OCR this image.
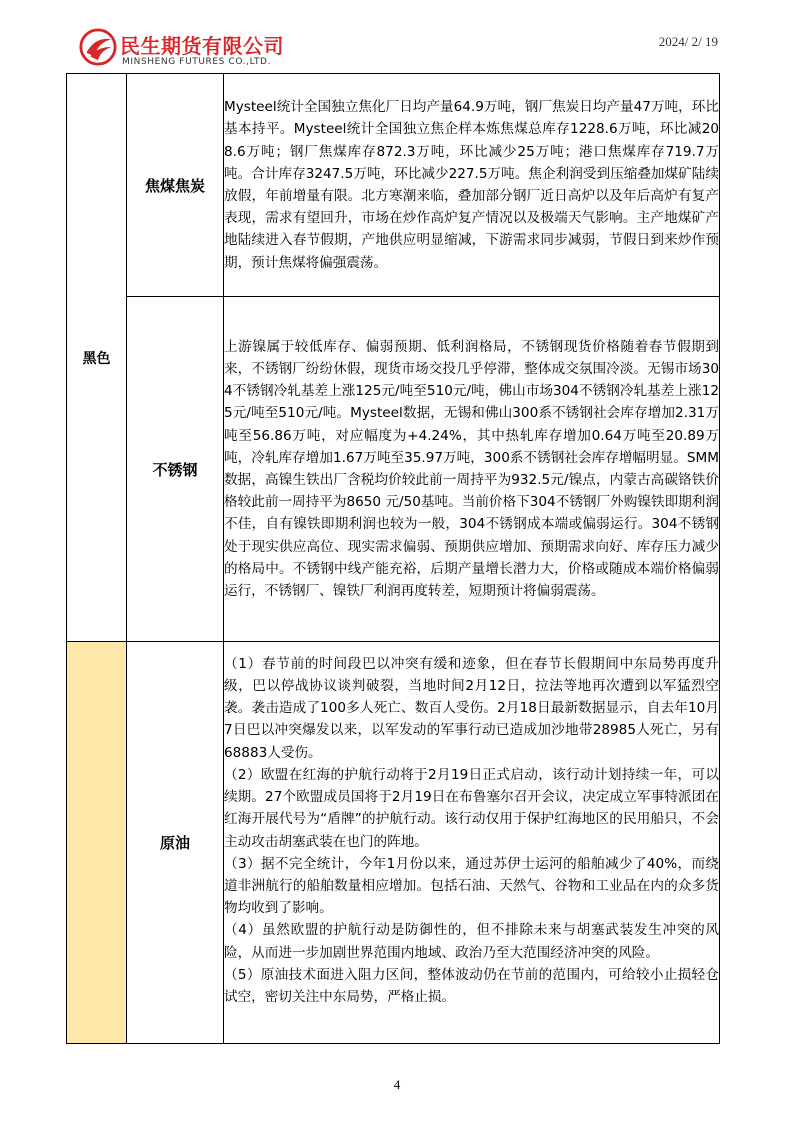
民生期货有限公司
MINSHENG FUTURES CO.,LTD.
2024/ 2/ 19
黑色	焦煤焦炭	Mysteel统计全国独立焦化厂日均产量64.9万吨，钢厂焦炭日均产量47万吨，环比基本持平。Mysteel统计全国独立焦企样本炼焦煤总库存1228.6万吨，环比减208.6万吨；钢厂焦煤库存872.3万吨，环比减少25万吨；港口焦煤库存719.7万吨。合计库存3247.5万吨，环比减少227.5万吨。焦企利润受到压缩叠加煤矿陆续放假，年前增量有限。北方寒潮来临，叠加部分钢厂近日高炉以及年后高炉有复产表现，需求有望回升，市场在炒作高炉复产情况以及极端天气影响。主产地煤矿产地陆续进入春节假期，产地供应明显缩减，下游需求同步减弱，节假日到来炒作预期，预计焦煤将偏强震荡。

	不锈钢	上游镍属于较低库存、偏弱预期、低利润格局，不锈钢现货价格随着春节假期到来，不锈钢厂纷纷休假，现货市场交投几乎停滞，整体成交氛围冷淡。无锡市场304不锈钢冷轧基差上涨125元/吨至510元/吨，佛山市场304不锈钢冷轧基差上涨125元/吨至510元/吨。Mysteel数据，无锡和佛山300系不锈钢社会库存增加2.31万吨至56.86万吨，对应幅度为+4.24%，其中热轧库存增加0.64万吨至20.89万吨，冷轧库存增加1.67万吨至35.97万吨，300系不锈钢社会库存增幅明显。SMM数据，高镍生铁出厂含税均价较此前一周持平为932.5元/镍点，内蒙古高碳铬铁价格较此前一周持平为8650 元/50基吨。当前价格下304不锈钢厂外购镍铁即期利润不佳，自有镍铁即期利润也较为一般，304不锈钢成本端或偏弱运行。304不锈钢处于现实供应高位、现实需求偏弱、预期供应增加、预期需求向好、库存压力减少的格局中。不锈钢中线产能充裕，后期产量增长潜力大，价格或随成本端价格偏弱运行，不锈钢厂、镍铁厂利润再度转差，短期预计将偏弱震荡。

	原油	（1）春节前的时间段巴以冲突有缓和迹象，但在春节长假期间中东局势再度升级，巴以停战协议谈判破裂，当地时间2月12日，拉法等地再次遭到以军猛烈空袭。袭击造成了100多人死亡、数百人受伤。2月18日最新数据显示，自去年10月7日巴以冲突爆发以来，以军发动的军事行动已造成加沙地带28985人死亡，另有68883人受伤。

（2）欧盟在红海的护航行动将于2月19日正式启动，该行动计划持续一年，可以续期。27个欧盟成员国将于2月19日在布鲁塞尔召开会议，决定成立军事特派团在红海开展代号为“盾牌”的护航行动。该行动仅用于保护红海地区的民用船只，不会主动攻击胡塞武装在也门的阵地。

（3）据不完全统计，今年1月份以来，通过苏伊士运河的船舶减少了40%，而绕道非洲航行的船舶数量相应增加。包括石油、天然气、谷物和工业品在内的众多货物均收到了影响。

（4）虽然欧盟的护航行动是防御性的，但不排除未来与胡塞武装发生冲突的风险，从而进一步加剧世界范围内地域、政治乃至大范围经济冲突的风险。

（5）原油技术面进入阻力区间，整体波动仍在节前的范围内，可给较小止损轻仓试空，密切关注中东局势，严格止损。

4
